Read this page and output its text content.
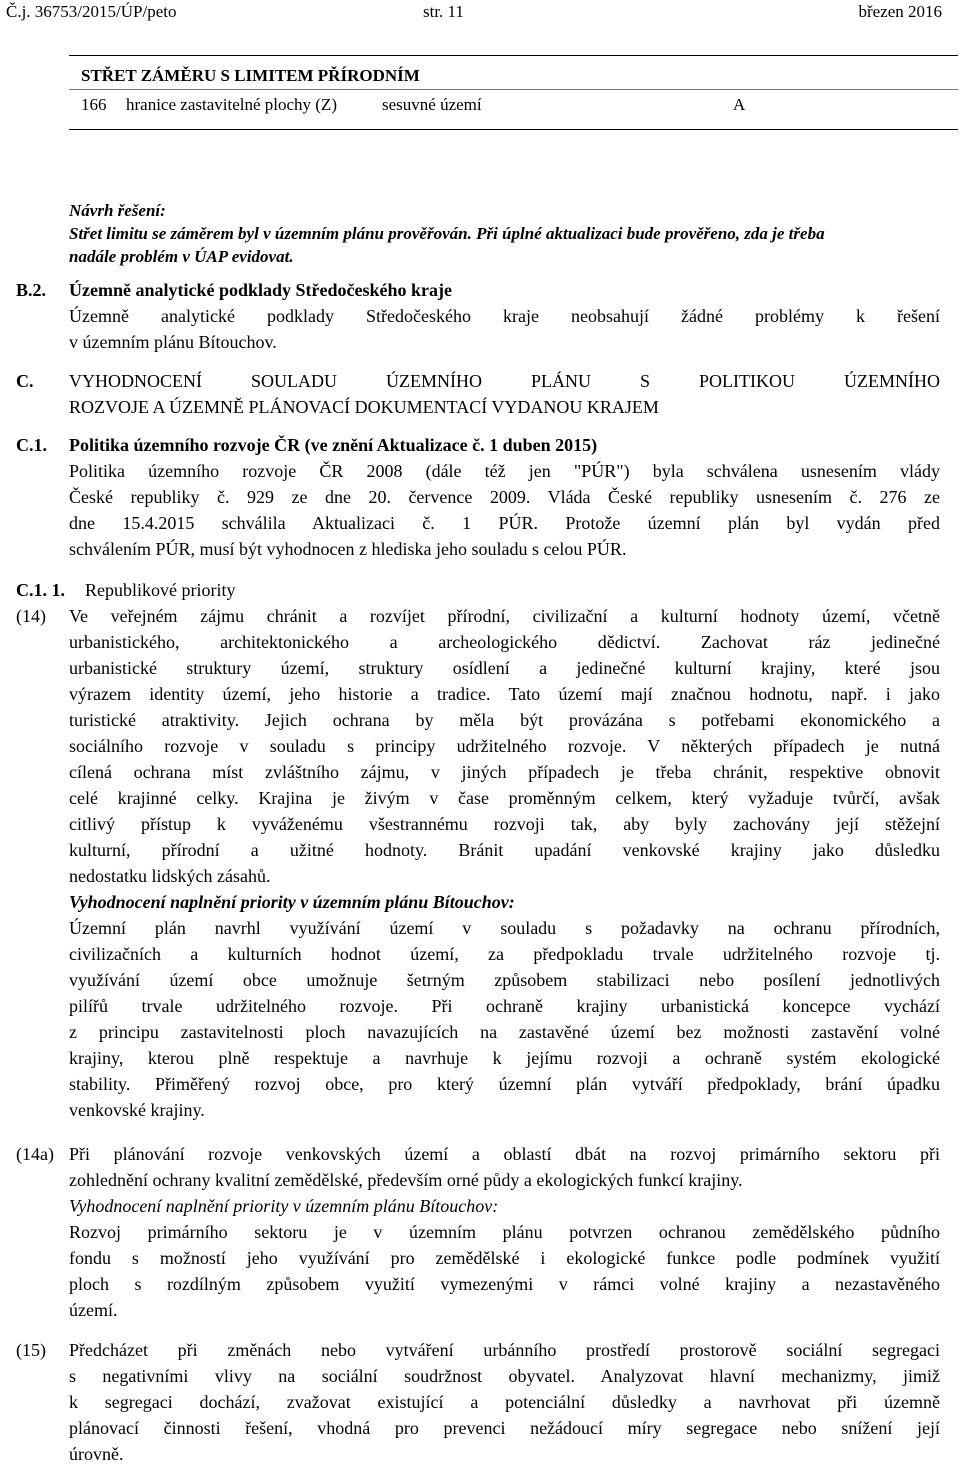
Č.j. 36753/2015/ÚP/peto	str. 11	březen 2016
STŘET ZÁMĚRU S LIMITEM PŘÍRODNÍM
166 hranice zastavitelné plochy (Z)	sesuvné území	A
Návrh řešení:
Střet limitu se záměrem byl v územním plánu prověřován. Při úplné aktualizaci bude prověřeno, zda je třeba
nadále problém v ÚAP evidovat.
B.2. Územně analytické podklady Středočeského kraje
Územně analytické podklady Středočeského kraje neobsahují žádné problémy k řešení
v územním plánu Bítouchov.
C. VYHODNOCENÍ SOULADU ÚZEMNÍHO PLÁNU S POLITIKOU ÚZEMNÍHO
ROZVOJE A ÚZEMNĚ PLÁNOVACÍ DOKUMENTACÍ VYDANOU KRAJEM
C.1. Politika územního rozvoje ČR (ve znění Aktualizace č. 1 duben 2015)
Politika územního rozvoje ČR 2008 (dále též jen "PÚR") byla schválena usnesením vlády
České republiky č. 929 ze dne 20. července 2009. Vláda České republiky usnesením č. 276 ze
dne 15.4.2015 schválila Aktualizaci č. 1 PÚR. Protože územní plán byl vydán před
schválením PÚR, musí být vyhodnocen z hlediska jeho souladu s celou PÚR.
C.1. 1. Republikové priority
(14) Ve veřejném zájmu chránit a rozvíjet přírodní, civilizační a kulturní hodnoty území, včetně
urbanistického, architektonického a archeologického dědictví. Zachovat ráz jedinečné
urbanistické struktury území, struktury osídlení a jedinečné kulturní krajiny, které jsou
výrazem identity území, jeho historie a tradice. Tato území mají značnou hodnotu, např. i jako
turistické atraktivity. Jejich ochrana by měla být provázána s potřebami ekonomického a
sociálního rozvoje v souladu s principy udržitelného rozvoje. V některých případech je nutná
cílená ochrana míst zvláštního zájmu, v jiných případech je třeba chránit, respektive obnovit
celé krajinné celky. Krajina je živým v čase proměnným celkem, který vyžaduje tvůrčí, avšak
citlivý přístup k vyváženému všestrannému rozvoji tak, aby byly zachovány její stěžejní
kulturní, přírodní a užitné hodnoty. Bránit upadání venkovské krajiny jako důsledku
nedostatku lidských zásahů.
Vyhodnocení naplnění priority v územním plánu Bítouchov:
Územní plán navrhl využívání území v souladu s požadavky na ochranu přírodních,
civilizačních a kulturních hodnot území, za předpokladu trvale udržitelného rozvoje tj.
využívání území obce umožnuje šetrným způsobem stabilizaci nebo posílení jednotlivých
pilířů trvale udržitelného rozvoje. Při ochraně krajiny urbanistická koncepce vychází
z principu zastavitelnosti ploch navazujících na zastavěné území bez možnosti zastavění volné
krajiny, kterou plně respektuje a navrhuje k jejímu rozvoji a ochraně systém ekologické
stability. Přiměřený rozvoj obce, pro který územní plán vytváří předpoklady, brání úpadku
venkovské krajiny.
(14a) Při plánování rozvoje venkovských území a oblastí dbát na rozvoj primárního sektoru při
zohlednění ochrany kvalitní zemědělské, především orné půdy a ekologických funkcí krajiny.
Vyhodnocení naplnění priority v územním plánu Bítouchov:
Rozvoj primárního sektoru je v územním plánu potvrzen ochranou zemědělského půdního
fondu s možností jeho využívání pro zemědělské i ekologické funkce podle podmínek využití
ploch s rozdílným způsobem využití vymezenými v rámci volné krajiny a nezastavěného
území.
(15) Předcházet při změnách nebo vytváření urbánního prostředí prostorově sociální segregaci
s negativními vlivy na sociální soudržnost obyvatel. Analyzovat hlavní mechanizmy, jimiž
k segregaci dochází, zvažovat existující a potenciální důsledky a navrhovat při územně
plánovací činnosti řešení, vhodná pro prevenci nežádoucí míry segregace nebo snížení její
úrovně.
